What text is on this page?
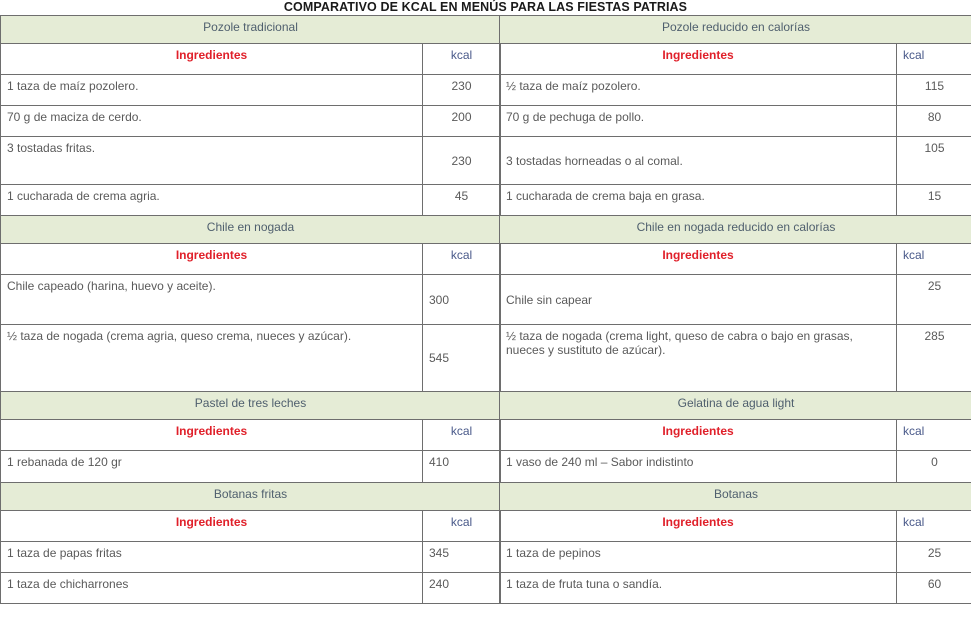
COMPARATIVO DE KCAL EN MENÚS PARA LAS FIESTAS PATRIAS
Pozole tradicional	
Ingredientes	kcal
1 taza de maíz pozolero.	230
70 g de maciza de cerdo.	200
3 tostadas fritas.	230
1 cucharada de crema agria.	45
Chile en nogada	
Ingredientes	kcal
Chile capeado (harina, huevo y aceite).	300
½ taza de nogada (crema agria, queso crema, nueces y azúcar).	545
Pastel de tres leches	
Ingredientes	kcal
1 rebanada de 120 gr	410
Botanas fritas	
Ingredientes	kcal
1 taza de papas fritas	345
1 taza de chicharrones	240
Pozole reducido en calorías	
Ingredientes	kcal
½ taza de maíz pozolero.	115
70 g de pechuga de pollo.	80
3 tostadas horneadas o al comal.	105
1 cucharada de crema baja en grasa.	15
Chile en nogada reducido en calorías	
Ingredientes	kcal
Chile sin capear	25
½ taza de nogada (crema light, queso de cabra o bajo en grasas, nueces y sustituto de azúcar).	285
Gelatina de agua light	
Ingredientes	kcal
1 vaso de 240 ml – Sabor indistinto	0
Botanas	
Ingredientes	kcal
1 taza de pepinos	25
1 taza de fruta tuna o sandía.	60
